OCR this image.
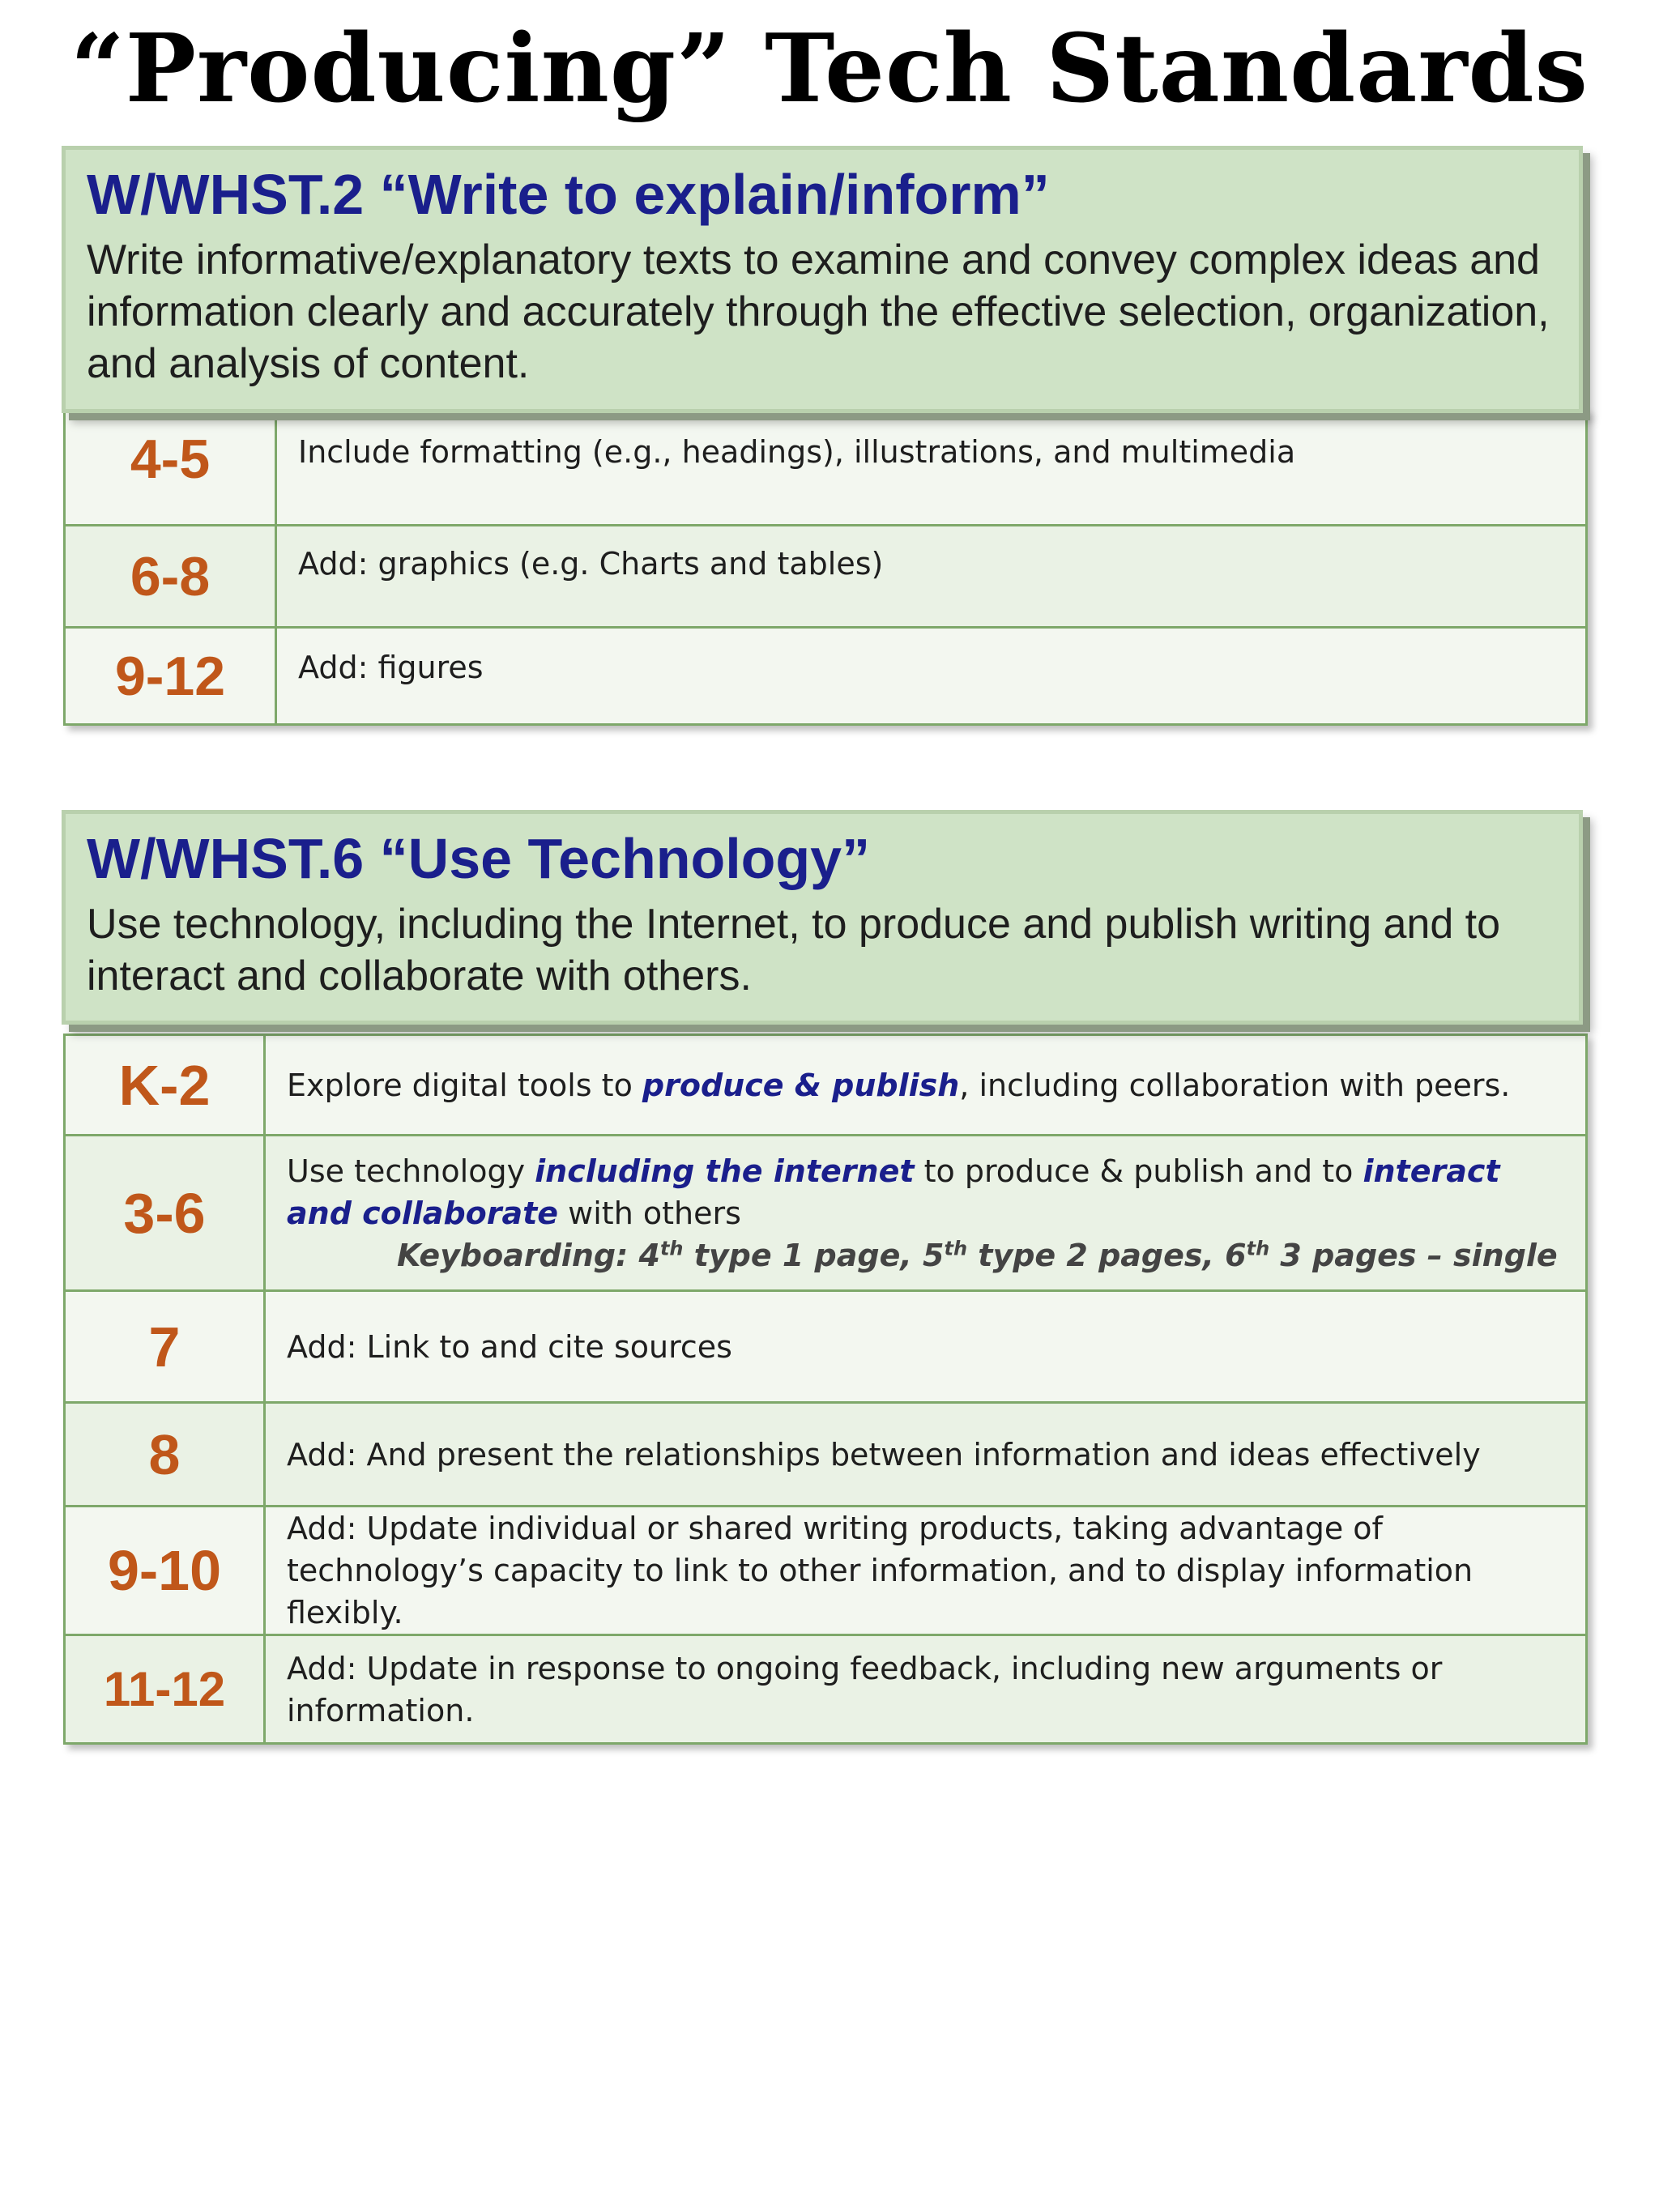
“Producing” Tech Standards
W/WHST.2 “Write to explain/inform”
Write informative/explanatory texts to examine and convey complex ideas and information clearly and accurately through the effective selection, organization, and analysis of content.
4-5	Include formatting (e.g., headings), illustrations, and multimedia
6-8	Add: graphics (e.g. Charts and tables)
9-12	Add: figures
W/WHST.6 “Use Technology”
Use technology, including the Internet, to produce and publish writing and to interact and collaborate with others.
K-2	Explore digital tools to produce & publish, including collaboration with peers.
3-6	Use technology including the internet to produce & publish and to interact and collaborate with others
Keyboarding: 4th type 1 page, 5th type 2 pages, 6th 3 pages – single

7	Add: Link to and cite sources
8	Add: And present the relationships between information and ideas effectively
9-10	Add: Update individual or shared writing products, taking advantage of technology’s capacity to link to other information, and to display information flexibly.
11-12	Add: Update in response to ongoing feedback, including new arguments or information.
